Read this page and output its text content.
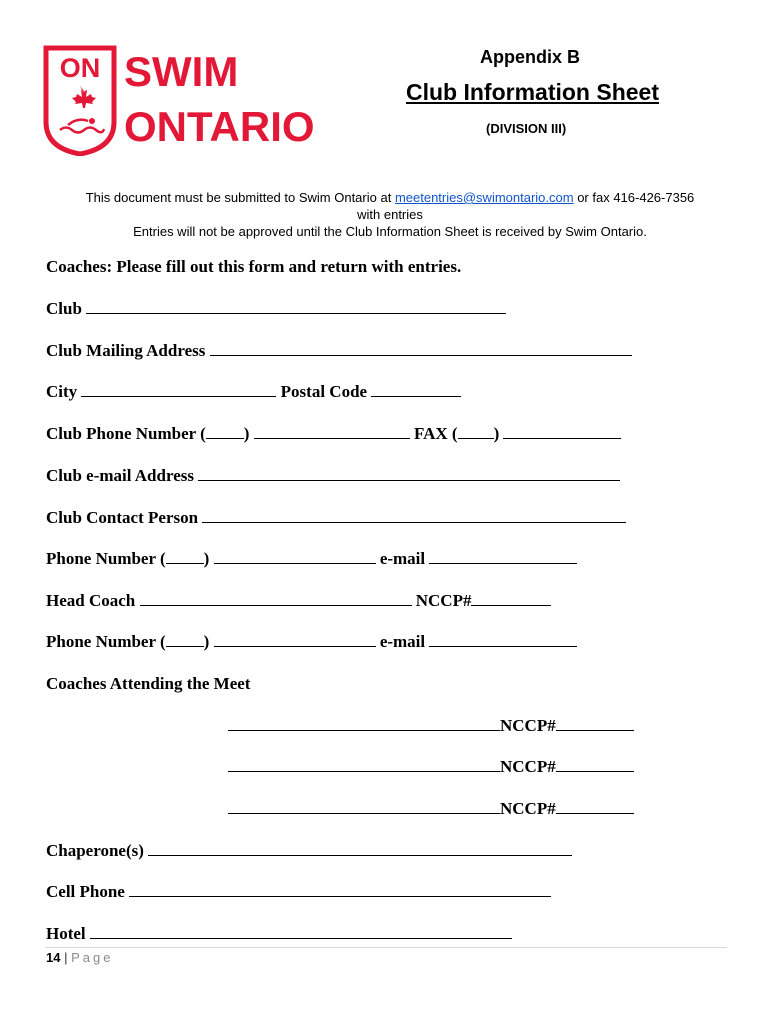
ON SWIM
ONTARIO
Appendix B
Club Information Sheet
(DIVISION III)
This document must be submitted to Swim Ontario at meetentries@swimontario.com or fax 416-426-7356
with entries
Entries will not be approved until the Club Information Sheet is received by Swim Ontario.
Coaches: Please fill out this form and return with entries.
Club
Club Mailing Address
City	Postal Code
Club Phone Number ( )	FAX ( )
Club e-mail Address
Club Contact Person
Phone Number ( )	e-mail
Head Coach	NCCP#
Phone Number ( )	e-mail
Coaches Attending the Meet
NCCP#
NCCP#
NCCP#
Chaperone(s)
Cell Phone
Hotel
14 | Page
